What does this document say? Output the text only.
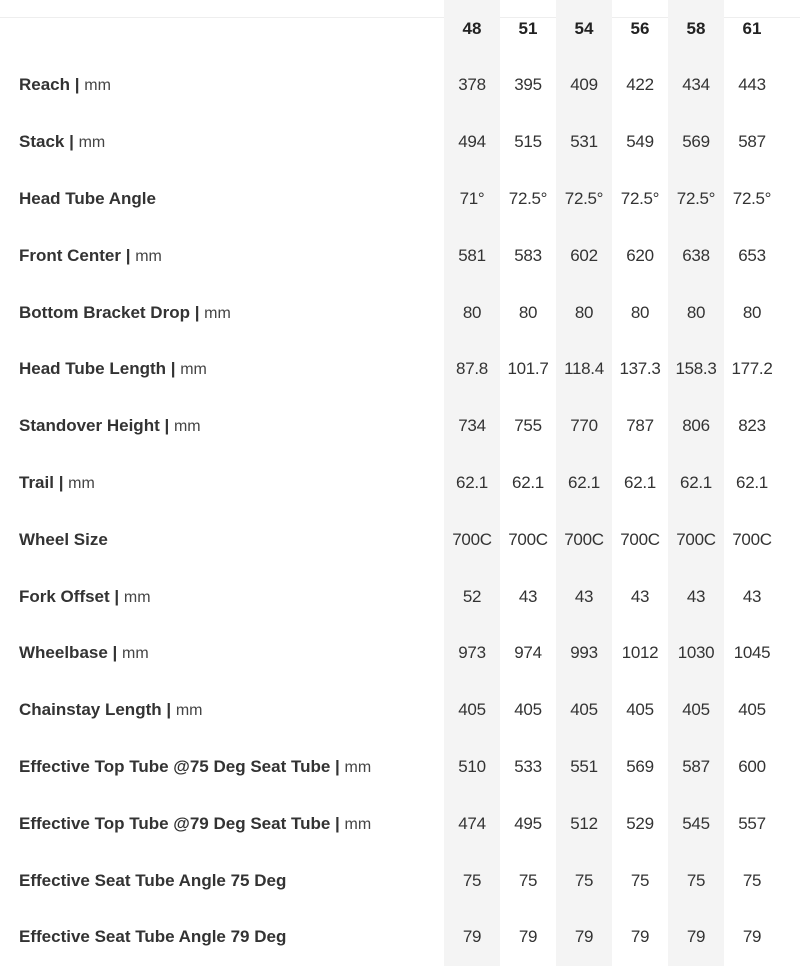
	48	51	54	56	58	61
Reach | mm	378	395	409	422	434	443
Stack | mm	494	515	531	549	569	587
Head Tube Angle	71°	72.5°	72.5°	72.5°	72.5°	72.5°
Front Center | mm	581	583	602	620	638	653
Bottom Bracket Drop | mm	80	80	80	80	80	80
Head Tube Length | mm	87.8	101.7	118.4	137.3	158.3	177.2
Standover Height | mm	734	755	770	787	806	823
Trail | mm	62.1	62.1	62.1	62.1	62.1	62.1
Wheel Size	700C	700C	700C	700C	700C	700C
Fork Offset | mm	52	43	43	43	43	43
Wheelbase | mm	973	974	993	1012	1030	1045
Chainstay Length | mm	405	405	405	405	405	405
Effective Top Tube @75 Deg Seat Tube | mm	510	533	551	569	587	600
Effective Top Tube @79 Deg Seat Tube | mm	474	495	512	529	545	557
Effective Seat Tube Angle 75 Deg	75	75	75	75	75	75
Effective Seat Tube Angle 79 Deg	79	79	79	79	79	79
